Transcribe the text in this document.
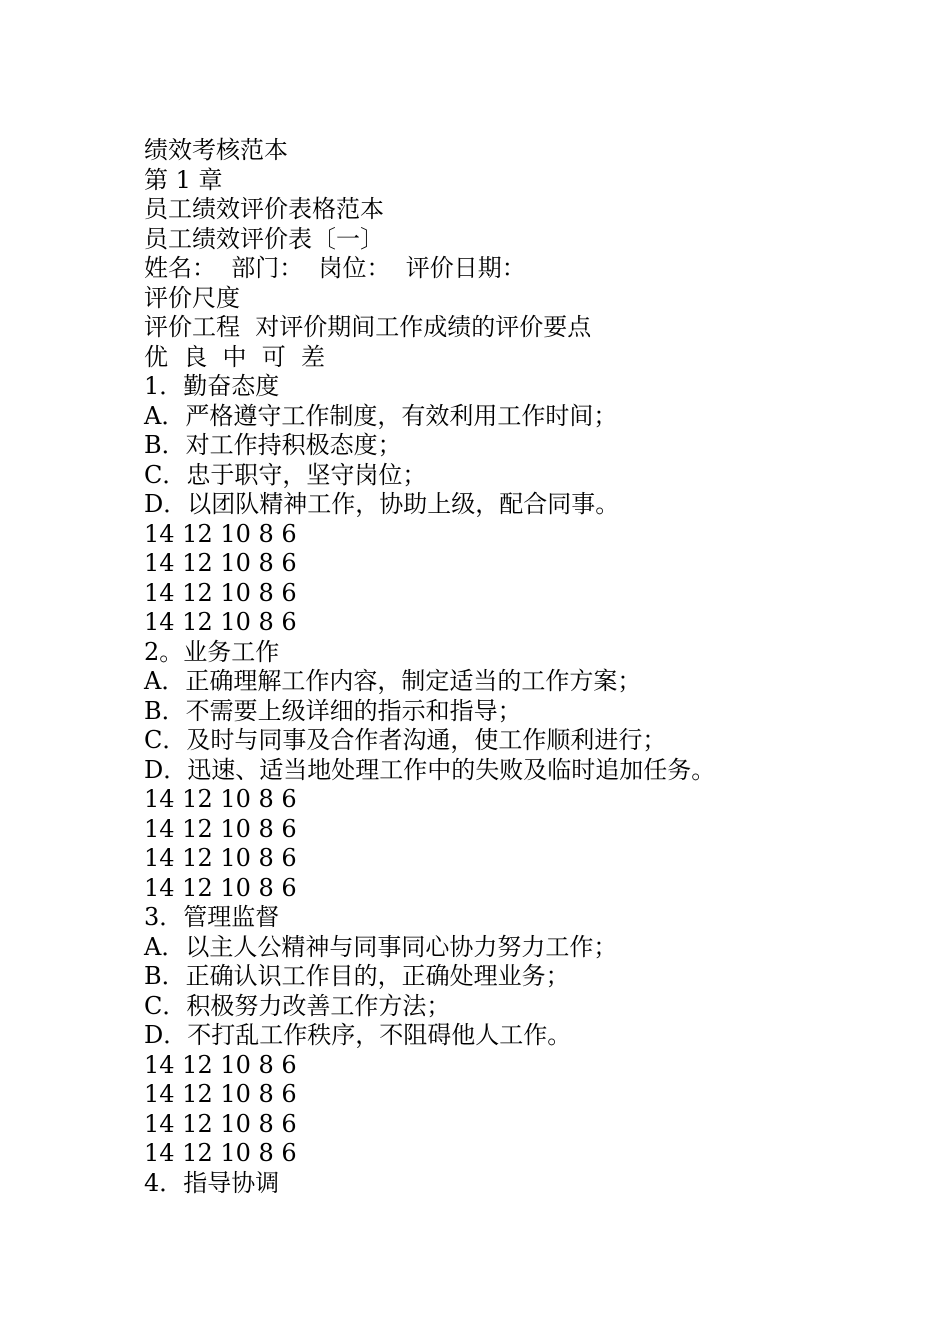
绩效考核范本

第 1 章

员工绩效评价表格范本

员工绩效评价表〔一〕

姓名：  部门：  岗位：  评价日期：

评价尺度

评价工程  对评价期间工作成绩的评价要点

优  良  中  可  差

1．勤奋态度

A．严格遵守工作制度，有效利用工作时间；

B．对工作持积极态度；

C．忠于职守，坚守岗位；

D．以团队精神工作，协助上级，配合同事。

14 12 10 8 6

14 12 10 8 6

14 12 10 8 6

14 12 10 8 6

2。业务工作

A．正确理解工作内容，制定适当的工作方案；

B．不需要上级详细的指示和指导；

C．及时与同事及合作者沟通，使工作顺利进行；

D．迅速、适当地处理工作中的失败及临时追加任务。

14 12 10 8 6

14 12 10 8 6

14 12 10 8 6

14 12 10 8 6

3．管理监督

A．以主人公精神与同事同心协力努力工作；

B．正确认识工作目的，正确处理业务；

C．积极努力改善工作方法；

D．不打乱工作秩序，不阻碍他人工作。

14 12 10 8 6

14 12 10 8 6

14 12 10 8 6

14 12 10 8 6

4．指导协调
